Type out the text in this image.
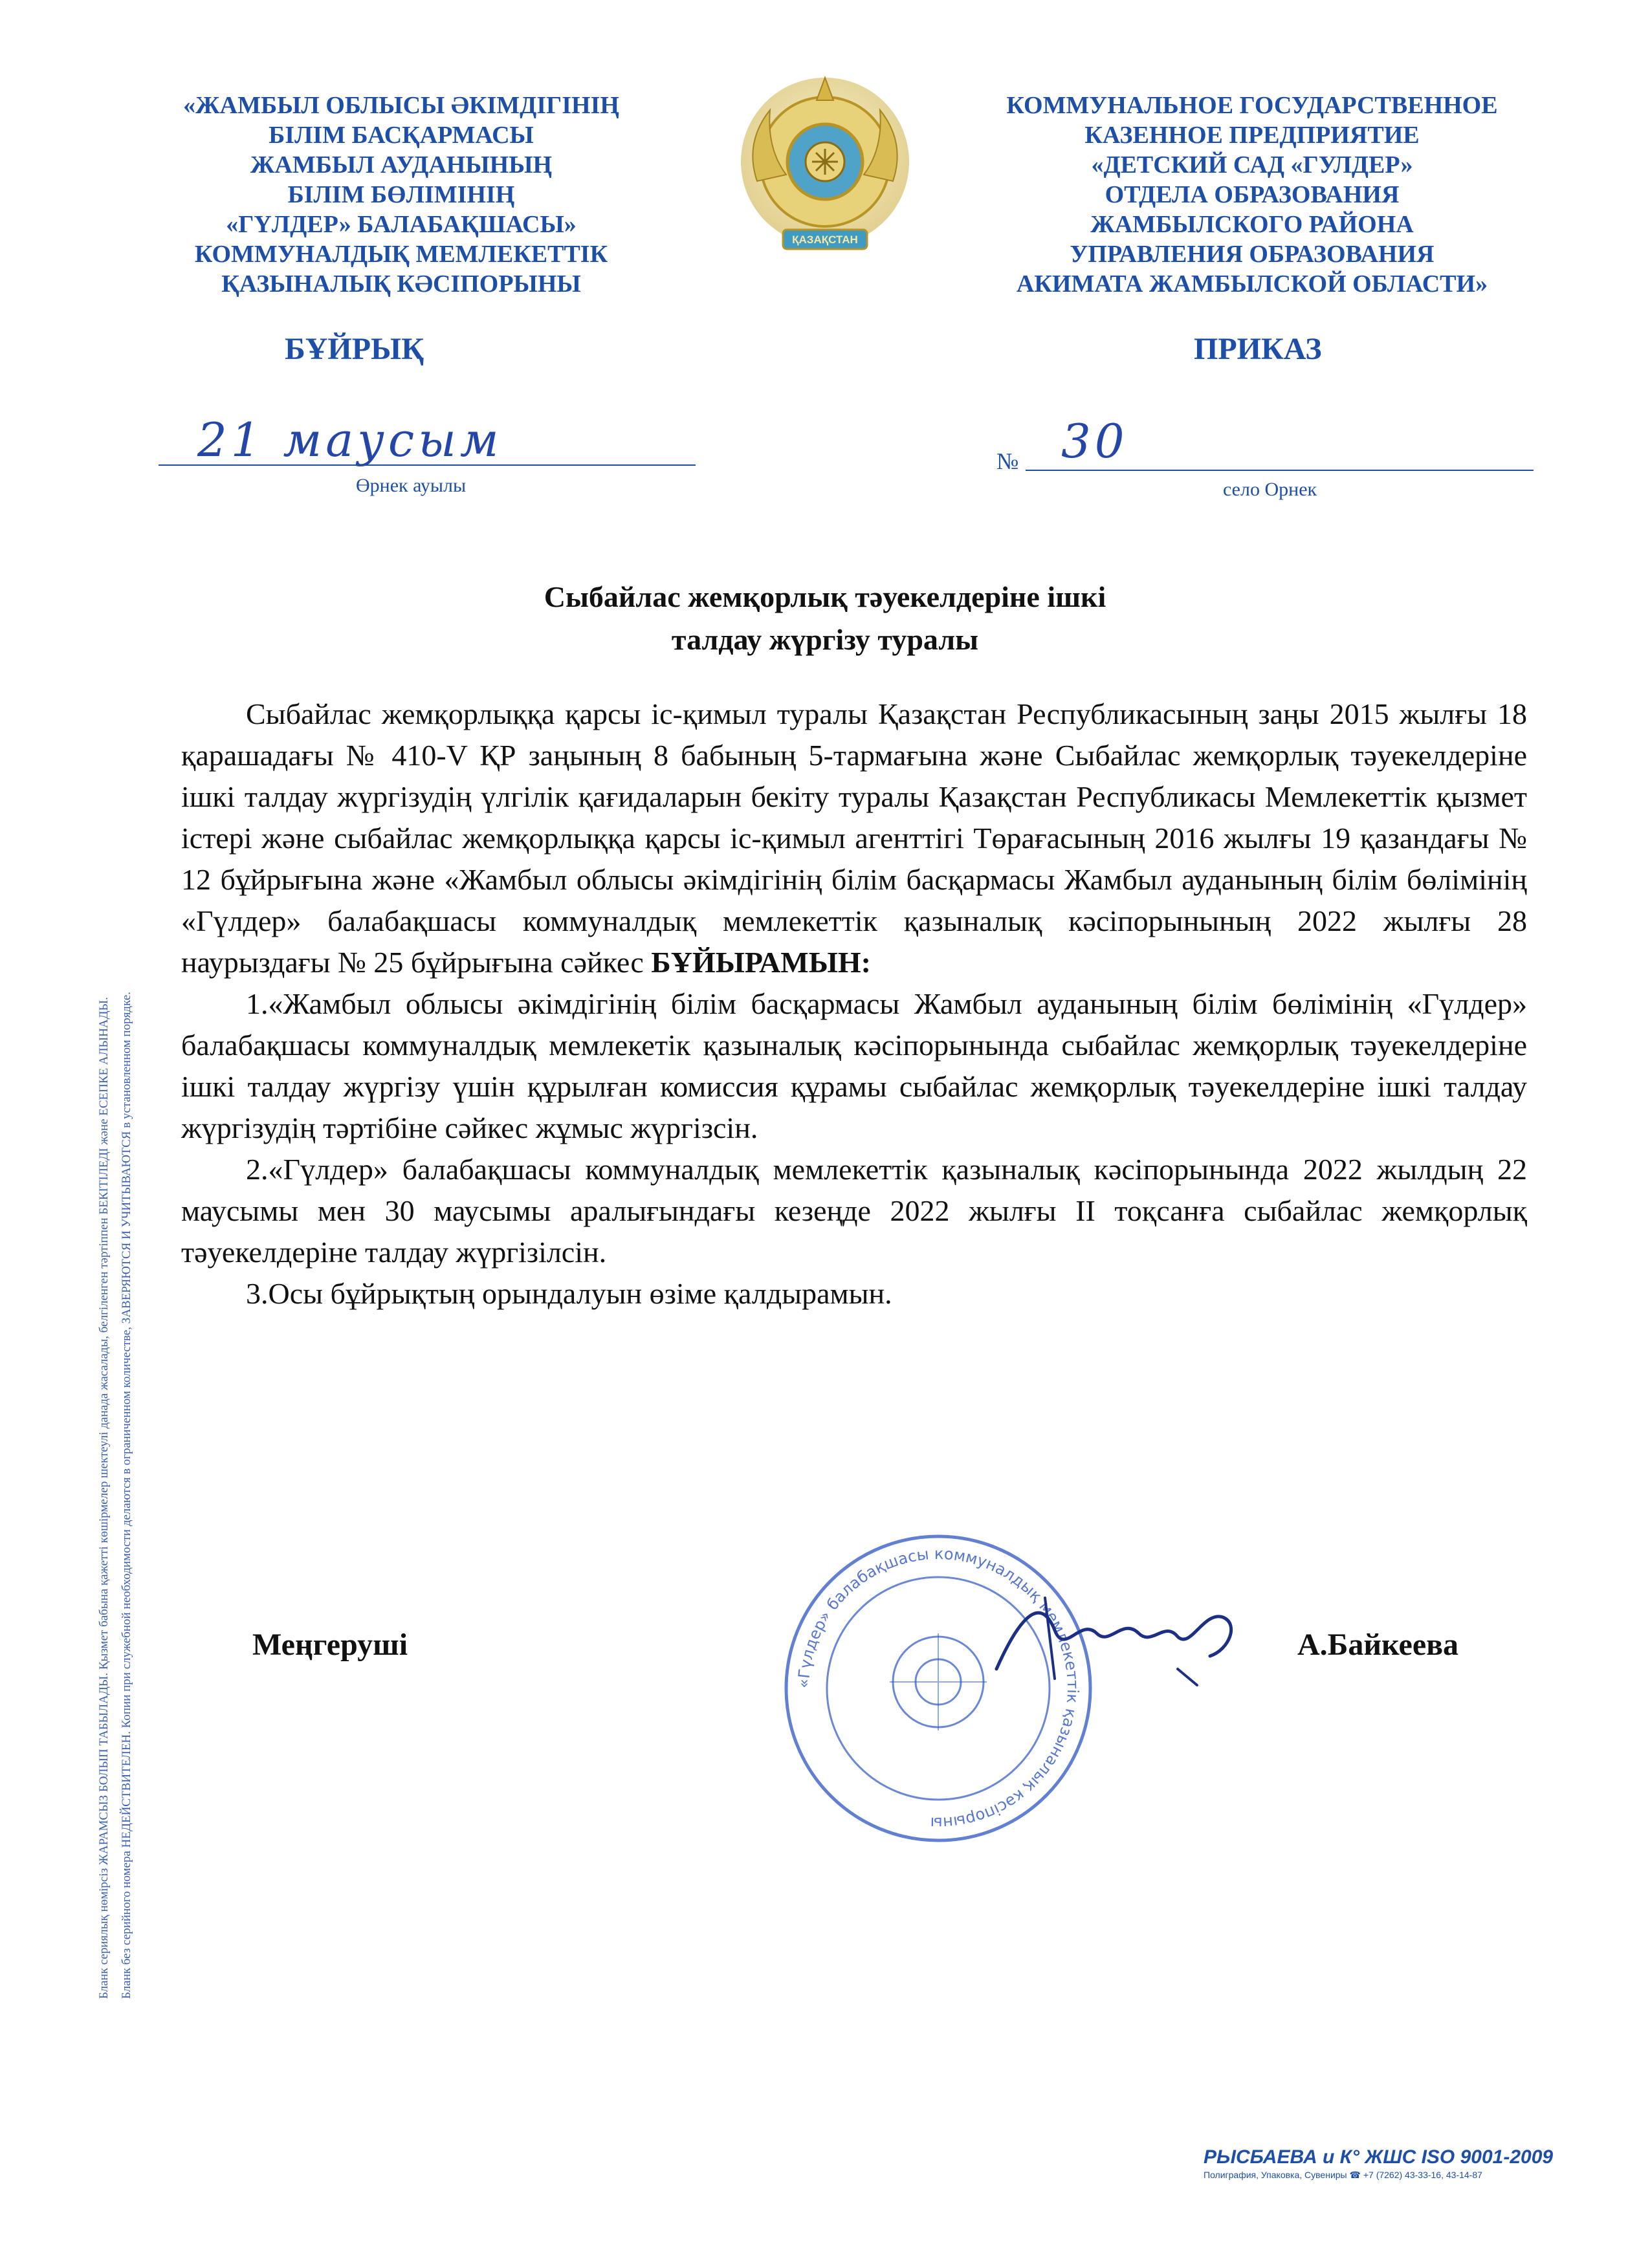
ҚАЗАҚСТАН
«ЖАМБЫЛ ОБЛЫСЫ ӘКІМДІГІНІҢ
БІЛІМ БАСҚАРМАСЫ
ЖАМБЫЛ АУДАНЫНЫҢ
БІЛІМ БӨЛІМІНІҢ
«ГҮЛДЕР» БАЛАБАҚШАСЫ»
КОММУНАЛДЫҚ МЕМЛЕКЕТТІК
ҚАЗЫНАЛЫҚ КӘСІПОРЫНЫ
КОММУНАЛЬНОЕ ГОСУДАРСТВЕННОЕ
КАЗЕННОЕ ПРЕДПРИЯТИЕ
«ДЕТСКИЙ САД «ГУЛДЕР»
ОТДЕЛА ОБРАЗОВАНИЯ
ЖАМБЫЛСКОГО РАЙОНА
УПРАВЛЕНИЯ ОБРАЗОВАНИЯ
АКИМАТА ЖАМБЫЛСКОЙ ОБЛАСТИ»
БҰЙРЫҚ	ПРИКАЗ
21 маусым
Өрнек ауылы
№ 30
село Орнек
Сыбайлас жемқорлық тәуекелдеріне ішкі
талдау жүргізу туралы

Сыбайлас жемқорлыққа қарсы іс-қимыл туралы Қазақстан Республикасының заңы 2015 жылғы 18 қарашадағы № 410-V ҚР заңының 8 бабының 5-тармағына және Сыбайлас жемқорлық тәуекелдеріне ішкі талдау жүргізудің үлгілік қағидаларын бекіту туралы Қазақстан Республикасы Мемлекеттік қызмет істері және сыбайлас жемқорлыққа қарсы іс-қимыл агенттігі Төрағасының 2016 жылғы 19 қазандағы № 12 бұйрығына және «Жамбыл облысы әкімдігінің білім басқармасы Жамбыл ауданының білім бөлімінің «Гүлдер» балабақшасы коммуналдық мемлекеттік қазыналық кәсіпорынының 2022 жылғы 28 наурыздағы № 25 бұйрығына сәйкес БҰЙЫРАМЫН:

1.«Жамбыл облысы әкімдігінің білім басқармасы Жамбыл ауданының білім бөлімінің «Гүлдер» балабақшасы коммуналдық мемлекетік қазыналық кәсіпорынында сыбайлас жемқорлық тәуекелдеріне ішкі талдау жүргізу үшін құрылған комиссия құрамы сыбайлас жемқорлық тәуекелдеріне ішкі талдау жүргізудің тәртібіне сәйкес жұмыс жүргізсін.

2.«Гүлдер» балабақшасы коммуналдық мемлекеттік қазыналық кәсіпорынында 2022 жылдың 22 маусымы мен 30 маусымы аралығындағы кезеңде 2022 жылғы ІІ тоқсанға сыбайлас жемқорлық тәуекелдеріне талдау жүргізілсін.

3.Осы бұйрықтың орындалуын өзіме қалдырамын.

«Гүлдер» балабақшасы коммуналдық мемлекеттік қазыналық кәсіпорыны
Меңгеруші	А.Байкеева
Бланк сериялық нөмірсіз ЖАРАМСЫЗ БОЛЫП ТАБЫЛАДЫ. Қызмет бабына қажетті көшірмелер шектеулі данада жасалады, белгіленген тәртіппен БЕКІТІЛЕДІ және ЕСЕПКЕ АЛЫНАДЫ. Бланк без серийного номера НЕДЕЙСТВИТЕЛЕН. Копии при служебной необходимости делаются в ограниченном количестве, ЗАВЕРЯЮТСЯ И УЧИТЫВАЮТСЯ в установленном порядке.
РЫСБАЕВА и К° ЖШС ISO 9001-2009
Полиграфия, Упаковка, Сувениры ☎ +7 (7262) 43-33-16, 43-14-87
